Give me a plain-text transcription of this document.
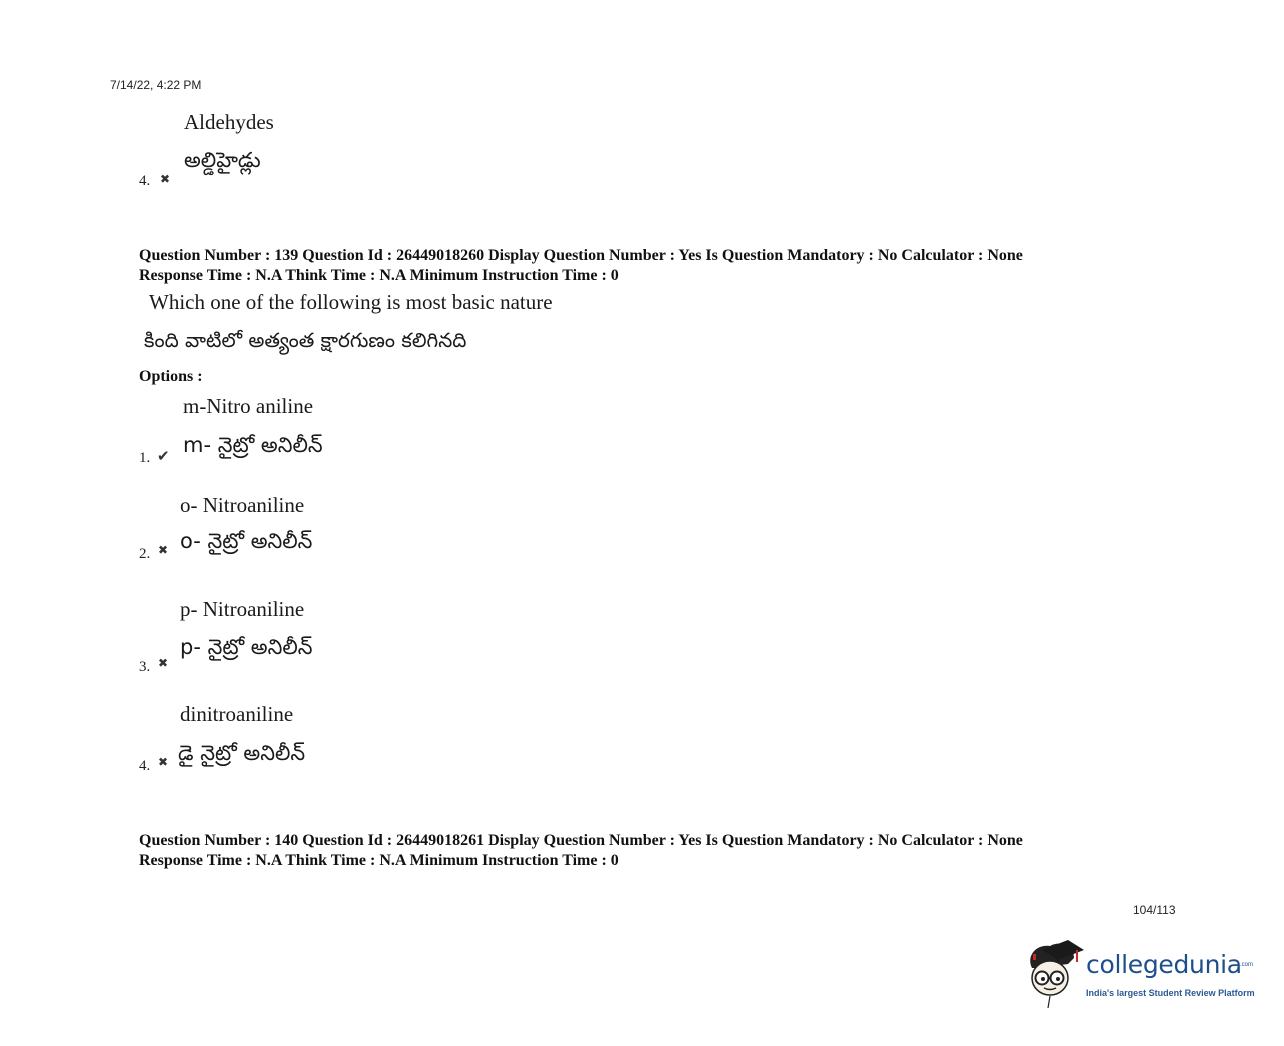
7/14/22, 4:22 PM
Aldehydes
అల్డిహైడ్లు
4. ✖
Question Number : 139 Question Id : 26449018260 Display Question Number : Yes Is Question Mandatory : No Calculator : None
Response Time : N.A Think Time : N.A Minimum Instruction Time : 0
Which one of the following is most basic nature
కింది వాటిలో అత్యంత క్షారగుణం కలిగినది
Options :
m-Nitro aniline
m- నైట్రో అనిలీన్
1. ✔
o- Nitroaniline
o- నైట్రో అనిలీన్
2. ✖
p- Nitroaniline
p- నైట్రో అనిలీన్
3. ✖
dinitroaniline
డై నైట్రో అనిలీన్
4. ✖
Question Number : 140 Question Id : 26449018261 Display Question Number : Yes Is Question Mandatory : No Calculator : None
Response Time : N.A Think Time : N.A Minimum Instruction Time : 0
104/113
collegedunia
.com
India's largest Student Review Platform
